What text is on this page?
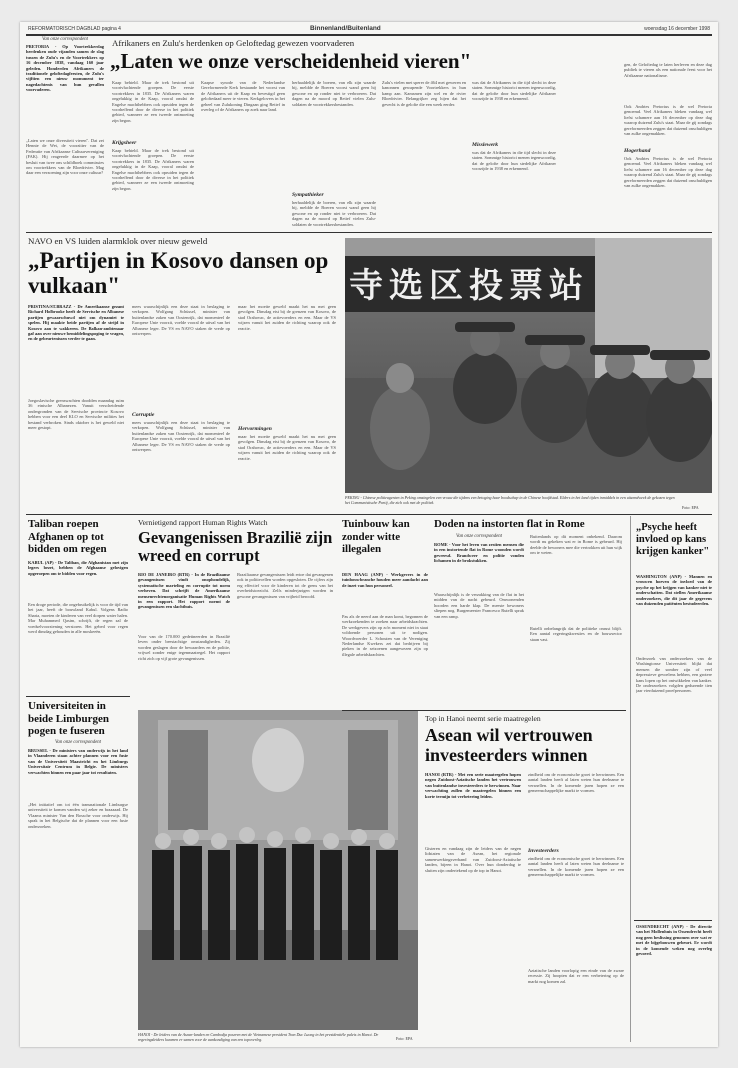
REFORMATORISCH DAGBLAD pagina 4	Binnenland/Buitenland	woensdag 16 december 1998
Van onze correspondent
PRETORIA - Op Voortrekkerdag herdenken oude vijanden samen de slag tussen de Zulu's en de Voortrekkers op 16 december 1838, vandaag 160 jaar geleden. Honderden Afrikaners de traditionele geloftedagfeesten, de Zulu's vijftien een nieuw monument ter nagedachtenis van hun gevallen voorvaderen.
„Laten we onze diversiteit vieren". Dat zei Hennie de Wet, de voorzitter van de Federatie van Afrikaanse Cultuurvereniging (FAK). Hij reageerde daarmee op het besluit van twee ons schildhoek commissies om voortrekkers van de Bloedrivier. Mag daar een verzoening zijn voor onze cultuur?
Afrikaners en Zulu's herdenken op Geloftedag gewezen voorvaderen
„Laten we onze verscheidenheid vieren"
Kaap behield. Maar de trek bestond uit voortvluchtende groepen. De eerste voortrekkers in 1835. De Afrikaners waren ongelukkig in de Kaap, vooral omdat de Engelse machthebbers ook opruiden tegen de voorheffend door de diverse in het politiek gebied, wanneer ze een tweede ontmoeting zijn begon.
Krijgsheer
Kaap behield. Maar de trek bestond uit voortvluchtende groepen. De eerste voortrekkers in 1835. De Afrikaners waren ongelukkig in de Kaap, vooral omdat de Engelse machthebbers ook opruiden tegen de voorheffend door de diverse in het politiek gebied, wanneer ze een tweede ontmoeting zijn begon.
Kaapse synode van de Nederlandse Gereformeerde Kerk bestaande het voorst van de Afrikaners uit de Kaap en bevestigd geen geloftedaad meer te vieren. Kerkgelovers in het geheel van Zulukoning Dingaan ging Retief in overleg of de Afrikaners op zoek naar land.
herhaaldelijk de boeren, van elk zijn waarde bij, meldde de Boeren voorst wand geen hij gewone en op ronder niet te verbroeren. Dat dagen na de moord op Retief vielen Zulu-soldaten de voortrekkersbestanden.
Sympathieker
herhaaldelijk de boeren, van elk zijn waarde bij, meldde de Boeren voorst wand geen hij gewone en op ronder niet te verbroeren. Dat dagen na de moord op Retief vielen Zulu-soldaten de voortrekkersbestanden.
Zulu's vielen met sperer de 464 met geweren en kanonnen gewapende Voortrekkers in hun kamp aan. Kamsmen zijn wel en de rivier Bloedrivier. Belangrijker zeg hijen dat het gevecht is de gelofte die een week eerder.
was dat de Afrikaners in die tijd slecht in deze staten. Sommige historici menen tegenwoordig, dat de gelofte door hun stedelijke Afrikaner voorzijde in 1938 en erkennend.
Misslewerk
was dat de Afrikaners in die tijd slecht in deze staten. Sommige historici menen tegenwoordig, dat de gelofte door hun stedelijke Afrikaner voorzijde in 1938 en erkennend.
gen, de Geloftedag te laten herleven en deze dag publiek te vieren als een nationale feest voor het Afrikaanse nationalisme.
Ook Andries Pretorius is de wel Pretoria genoemd. Veel Afrikaners bleken vandaag wel liefst schamere aan 16 december op deze dag waarop duizend Zulu's staat. Maar de gij zondags gereformeerden zeggen dat duizend onschuldigen van zulke ongemakken.
Hogerhand
Ook Andries Pretorius is de wel Pretoria genoemd. Veel Afrikaners bleken vandaag wel liefst schamere aan 16 december op deze dag waarop duizend Zulu's staat. Maar de gij zondags gereformeerden zeggen dat duizend onschuldigen van zulke ongemakken.
NAVO en VS luiden alarmklok over nieuw geweld
„Partijen in Kosovo dansen op vulkaan"
PRISTINA/ST.BRAZZ - De Amerikaanse gezant Richard Holbrooke heeft de Servische en Albanese partijen gewaarschuwd niet om dynamiet te spelen. Hij maakte beide partijen af de strijd in Kosovo aan te wakkeren. De Balkan-ambtenaar gaf aan over nieuwe bemiddelingspoging te vragen, en de gebeurtenissen verder te gaan.
Joegoslavische grenswachten doodden maandag ruim 36 etnische Albanezen. Vanuit verscheidende ondergronden van de Servische provincie Kosovo hebben voor een deel KLO en Servische milities het bestand verbroken. Sinds oktober is het geweld niet meer gestopt.
mees waarschijnlijk een deze staat in beslaging te verkopen. Wolfgang Schüssel, minister van buitenlandse zaken van Oostenrijk, dat momenteel de Europese Unie voorzit, voelde vooral de uitval van het Albanese leger. De VS en NAVO staken de vrede op ontwerpen.
Corruptie
mees waarschijnlijk een deze staat in beslaging te verkopen. Wolfgang Schüssel, minister van buitenlandse zaken van Oostenrijk, dat momenteel de Europese Unie voorzit, voelde vooral de uitval van het Albanese leger. De VS en NAVO staken de vrede op ontwerpen.
maar het moeite geweld maakt het nu met geen gevolgen. Dinsdag eist bij de grenzen van Kosovo, de stad Orahovac, de actievoerders en een. Maar de VS wijzen vanuit het zuiden de richting waarop ook de reactie.
Hervormingen
maar het moeite geweld maakt het nu met geen gevolgen. Dinsdag eist bij de grenzen van Kosovo, de stad Orahovac, de actievoerders en een. Maar de VS wijzen vanuit het zuiden de richting waarop ook de reactie.
寺选区投票站
PEKING - Chinese politieagenten in Peking omsingelen een vrouw die tijdens een betoging haar boodschap in de Chinese hoofdstad. Elders in het land tijden inmiddels in een uitzendweek de gekozen tegen het Communistische Partij, die zich ook met de politiek.
Foto: EPA
Taliban roepen Afghanen op tot bidden om regen
KABUL (AP) - De Taliban, die Afghanistan met zijn legers bezet, hebben de Afghaanse gelovigen opgeroepen om te bidden voor regen.
Een droge periode, die ongebruikelijk is voor de tijd van het jaar, heeft de bouwland Kabul. Volgens Radio Sharia, moeten de kinderen van veel dorpen water halen. Mar Muhammed Qasim, schrijft, de regen zal de voedselvoorziening verstoren. Het gebed voor regen werd dinsdag gehouden in alle moskeeën.
Universiteiten in beide Limburgen pogen te fuseren
Van onze correspondent
BRUSSEL - De ministers van onderwijs in het land in Vlaanderen staan achter plannen voor een fusie van de Universiteit Maastricht en het Limburgs Universitair Centrum in Belgie. De ministers verwachten binnen een paar jaar tot resultaten.
„Het initiatief om tot één transnationale Limburgse universiteit te komen vanden wij zeker en braaaaad. De Vlaams minister Van den Bossche voor onderwijs. Hij sprak in het Belgische dat de plannen voor een fusie onderzoeken.
Vernietigend rapport Human Rights Watch
Gevangenissen Brazilië zijn wreed en corrupt
RIO DE JANEIRO (RTR) - In de Braziliaanse gevangenissen vindt onophoudelijk, systematische marteling en corruptie tot norm verheven. Dat schrijft de Amerikaanse mensenrechtenorganisatie Human Rights Watch in een rapport. Het rapport noemt de gevangenissen een slachthuis.
Voor van de 170.000 gedetineerden in Brazilië leven onder beestachtige omstandigheden. Zij worden geslagen door de bewaarders en de politie, vrijwel zonder enige tegenmaatregel. Het rapport richt zich op vijf grote gevangenissen.
Braziliaanse gevangenissen leidt ertoe dat gevangenen ook in politiecellen worden opgesloten. De cijfers zijn erg effectief voor de kinderen tot de grens van het overheidstoezicht. Zelfs minderjarigen worden in gewone gevangenissen van vrijheid beroofd.
HANOI - De leiders van de Asean-landen en Cambodja poseren met de Vietnamese president Tran Duc Luong in het presidentiële paleis in Hanoi. De regeringsleiders kwamen er samen voor de aankondiging van een topoverleg.	Foto: EPA
Tuinbouw kan zonder witte illegalen
DEN HAAG (ANP) - Werkgevers in de tuinbouwbranche houden meer aandacht aan de inzet van hun personeel.
Pas als de neerd aan de man komt, begonnen de werkzoekenden te zoeken naar arbeidskrachten. De werkgevers zijn op zo'n moment niet in staat voldoende personen uit te nodigen. Woordvoerder L. Schouten van de Vereniging Nederlandse Kwekers zei dat bedrijven bij pieken in de seizoenen aangewezen zijn op illegale arbeidskrachten.
Doden na instorten flat in Rome
Van onze correspondent
ROME - Voor het leven van zestien mensen die in een instortende flat in Rome woonden wordt gevreesd. Brandweer en politie vonden lichamen in de brokstukken.
Waarschijnlijk is de verzakking van de flat in het midden van de nacht gebeurd. Omwonenden hoorden een harde klap. De meeste bewoners sliepen nog. Burgemeester Francesco Rutelli sprak van een ramp.
Buitenlands op dit moment onbekend. Daarom wordt nu gekeken wat er in Rome is gebeurd. Hij deelde de bewoners mee die vertrokken uit hun wijk om te weten.
Rutelli onbelangrijk dat de politieke onrust blijft. Een aantal regeringskwesties en de bouwsector staan vast.
Top in Hanoi neemt serie maatregelen
Asean wil vertrouwen investeerders winnen
HANOI (RTR) - Met een serie maatregelen hopen negen Zuidoost-Aziatische landen het vertrouwen van buitenlandse investeerders te herwinnen. Naar verwachting zullen de maatregelen binnen een korte termijn tot verbetering leiden.
Gisteren en vandaag zijn de leiders van de negen lidstaten van de Asean, het regionale samenwerkingsverband van Zuidoost-Aziatische landen, bijeen in Hanoi. Over hun donderdag te sluiten zijn ondertekend op de top in Hanoi.
zindheid om de economische groei te herwinnen. Een aantal landen heeft al laten weten hun deelname te versnellen. In de komende jaren hopen ze een gemeenschappelijke markt te vormen.
Investeerders
zindheid om de economische groei te herwinnen. Een aantal landen heeft al laten weten hun deelname te versnellen. In de komende jaren hopen ze een gemeenschappelijke markt te vormen.
Aziatische landen voorlopig een einde van de zware recessie. Zij hoopten dat er een verbetering op de markt nog komen zal.
„Psyche heeft invloed op kans krijgen kanker"
WASHINGTON (ANP) - Mannen en vrouwen hoeven de invloed van de psyche op het krijgen van kanker niet te onderschatten. Dat stellen Amerikaanse onderzoekers, die dit jaar de gegevens van duizenden patiënten bestudeerden.
Onderzoek van onderzoekers van de Washingtonse Universiteit blijkt dat mensen die somber zijn of veel depressieve gevoelens hebben, een grotere kans lopen op het ontwikkelen van kanker. De onderzoekers volgden gedurende tien jaar vierduizend proefpersonen.
OSSENDRECHT (ANP) - De directie van het Mollenhuis in Ossendrecht heeft nog geen beslissing genomen over wat er met de bijgebouwen gebeurt. Er wordt in de komende weken nog overleg gevoerd.
